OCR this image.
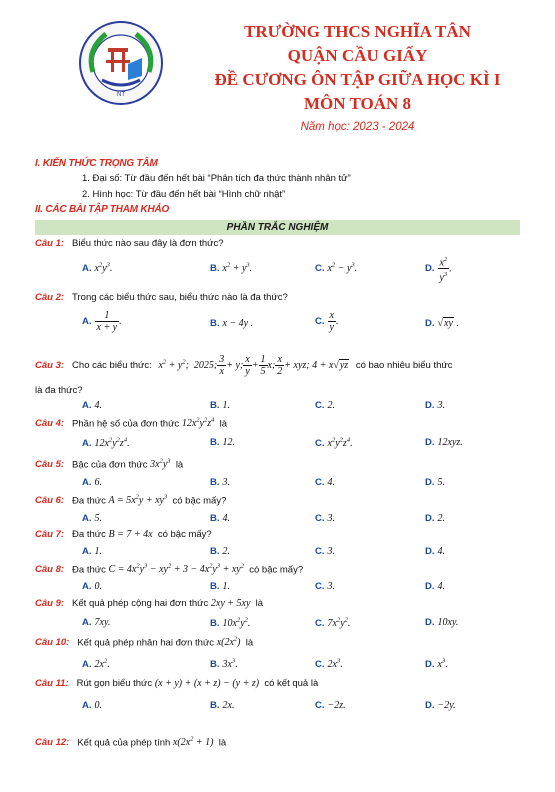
NT
TRƯỜNG THCS NGHĨA TÂN
QUẬN CẦU GIẤY
ĐỀ CƯƠNG ÔN TẬP GIỮA HỌC KÌ I
MÔN TOÁN 8
Năm học: 2023 - 2024
I. KIẾN THỨC TRỌNG TÂM
1. Đại số: Từ đầu đến hết bài “Phân tích đa thức thành nhân tử”
2. Hình học: Từ đầu đến hết bài “Hình chữ nhật”
II. CÁC BÀI TẬP THAM KHẢO
PHẦN TRẮC NGHIỆM
Câu 1: Biểu thức nào sau đây là đơn thức?
A. $x^2y^3$.	B. $x^2 + y^3$.	C. $x^2 - y^3$.	D. $\frac{x^2}{y^3}$ .
Câu 2: Trong các biểu thức sau, biểu thức nào là đa thức?
A. $\frac{1}{x + y}$ .	B. x − 4y .	C. $\frac{x}{y}$ .	D. √xy .
Câu 3: Cho các biểu thức: $x^2 + y^2$;  2025; $\frac{3}{x} + y$; $\frac{x}{y} + \frac{1}{5} x$; $\frac{x}{2}$ + xyz; 4 + x√yz có bao nhiêu biểu thức
là đa thức?
A. 4.	B. 1.	C. 2.	D. 3.
Câu 4: Phần hệ số của đơn thức $12x^2y^2z^4$ là
A. $12x^2y^2z^4$.	B. 12.	C. $x^2y^2z^4$.	D. 12xyz.
Câu 5: Bậc của đơn thức $3x^2y^3$ là
A. 6.	B. 3.	C. 4.	D. 5.
Câu 6: Đa thức $A = 5x^2y + xy^3$ có bậc mấy?
A. 5.	B. 4.	C. 3.	D. 2.
Câu 7: Đa thức B = 7 + 4x có bậc mấy?
A. 1.	B. 2.	C. 3.	D. 4.
Câu 8: Đa thức $C = 4x^2y^3 - xy^2 + 3 - 4x^2y^3 + xy^2$ có bậc mấy?
A. 0.	B. 1.	C. 3.	D. 4.
Câu 9: Kết quả phép cộng hai đơn thức 2xy + 5xy là
A. 7xy.	B. $10x^2y^2$.	C. $7x^2y^2$.	D. 10xy.
Câu 10: Kết quả phép nhân hai đơn thức $x(2x^2)$ là
A. $2x^2$.	B. $3x^3$.	C. $2x^3$.	D. $x^3$.
Câu 11: Rút gọn biểu thức (x + y) + (x + z) − (y + z) có kết quả là
A. 0.	B. 2x.	C. −2z.	D. −2y.
Câu 12: Kết quả của phép tính $x(2x^2 + 1)$ là
